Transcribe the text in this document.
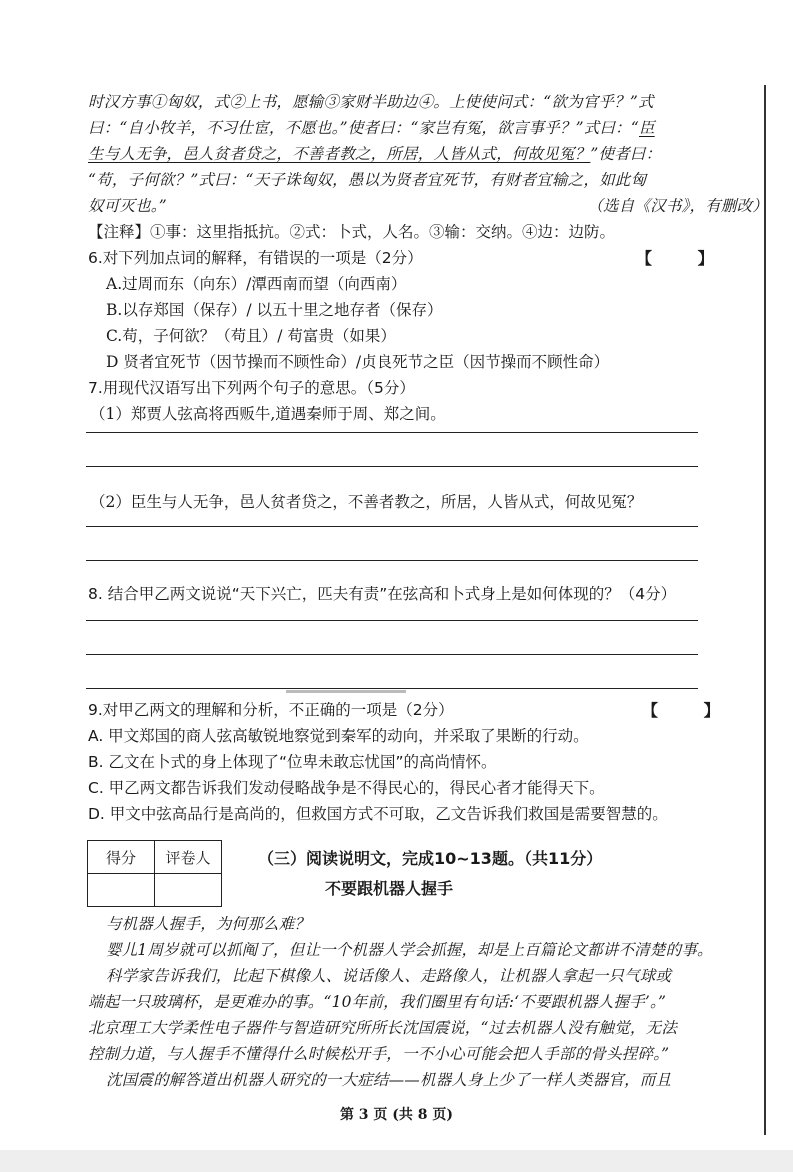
时汉方事①匈奴，式②上书，愿输③家财半助边④。上使使问式：“欲为官乎？”式
曰：“自小牧羊，不习仕宦，不愿也。”使者曰：“家岂有冤，欲言事乎？”式曰：“臣
生与人无争，邑人贫者贷之，不善者教之，所居，人皆从式，何故见冤？”使者曰：
“苟，子何欲？”式曰：“天子诛匈奴，愚以为贤者宜死节，有财者宜输之，如此匈
奴可灭也。”	（选自《汉书》，有删改）
【注释】①事：这里指抵抗。②式：卜式，人名。③输：交纳。④边：边防。
6.对下列加点词的解释，有错误的一项是（2分）	【 】
A.过周而东（向东）/潭西南而望（向西南）
B.以存郑国（保存）/ 以五十里之地存者（保存）
C.苟，子何欲？（苟且）/ 苟富贵（如果）
D 贤者宜死节（因节操而不顾性命）/贞良死节之臣（因节操而不顾性命）
7.用现代汉语写出下列两个句子的意思。（5分）
（1）郑贾人弦高将西贩牛,道遇秦师于周、郑之间。
（2）臣生与人无争，邑人贫者贷之，不善者教之，所居，人皆从式，何故见冤？
8. 结合甲乙两文说说“天下兴亡，匹夫有责”在弦高和卜式身上是如何体现的？（4分）
9.对甲乙两文的理解和分析，不正确的一项是（2分）	【 】
A. 甲文郑国的商人弦高敏锐地察觉到秦军的动向，并采取了果断的行动。
B. 乙文在卜式的身上体现了“位卑未敢忘忧国”的高尚情怀。
C. 甲乙两文都告诉我们发动侵略战争是不得民心的，得民心者才能得天下。
D. 甲文中弦高品行是高尚的，但救国方式不可取，乙文告诉我们救国是需要智慧的。
得分	评卷人
		（三）阅读说明文，完成10~13题。（共11分）
不要跟机器人握手
与机器人握手，为何那么难？
婴儿1周岁就可以抓阄了，但让一个机器人学会抓握，却是上百篇论文都讲不清楚的事。
科学家告诉我们，比起下棋像人、说话像人、走路像人，让机器人拿起一只气球或
端起一只玻璃杯，是更难办的事。“10年前，我们圈里有句话:‘不要跟机器人握手’。”
北京理工大学柔性电子器件与智造研究所所长沈国震说，“过去机器人没有触觉，无法
控制力道，与人握手不懂得什么时候松开手，一不小心可能会把人手部的骨头捏碎。”
沈国震的解答道出机器人研究的一大症结——机器人身上少了一样人类器官，而且
第 3 页 (共 8 页)
